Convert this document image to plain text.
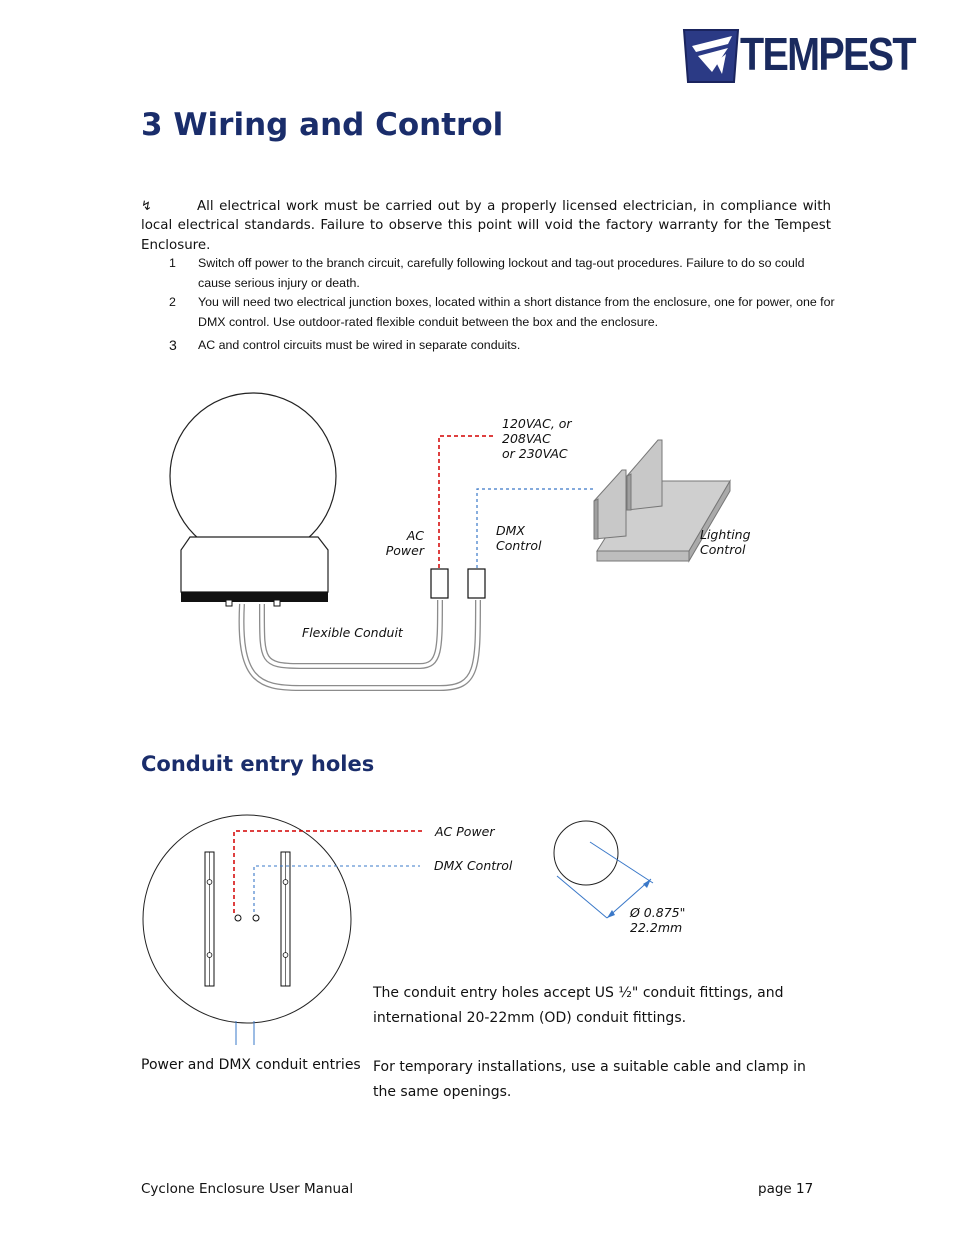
TEMPEST
3 Wiring and Control
↯	All electrical work must be carried out by a properly licensed electrician, in compliance with local electrical standards. Failure to observe this point will void the factory warranty for the Tempest Enclosure.
1 Switch off power to the branch circuit, carefully following lockout and tag-out procedures. Failure to do so could cause serious injury or death.
2 You will need two electrical junction boxes, located within a short distance from the enclosure, one for power, one for DMX control. Use outdoor-rated flexible conduit between the box and the enclosure.
3 AC and control circuits must be wired in separate conduits.
120VAC, or
208VAC
or 230VAC
AC
Power
DMX
Control
Lighting
Control
Flexible Conduit
Conduit entry holes
AC Power
DMX Control
Ø 0.875"
22.2mm
The conduit entry holes accept US ½" conduit fittings, and international 20-22mm (OD) conduit fittings.
Power and DMX conduit entries For temporary installations, use a suitable cable and clamp in the same openings.
Cyclone Enclosure User Manual	page 17
